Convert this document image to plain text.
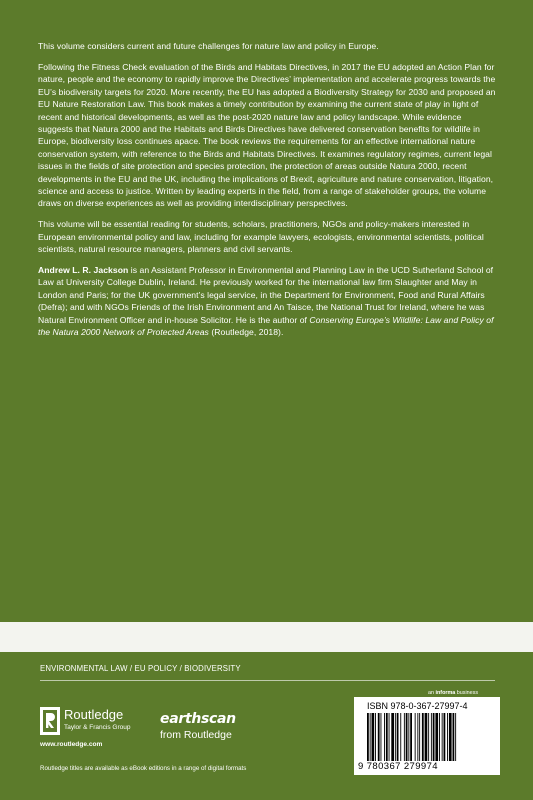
This volume considers current and future challenges for nature law and policy in Europe.

Following the Fitness Check evaluation of the Birds and Habitats Directives, in 2017 the EU adopted an Action Plan for nature, people and the economy to rapidly improve the Directives’ implementation and accelerate progress towards the EU’s biodiversity targets for 2020. More recently, the EU has adopted a Biodiversity Strategy for 2030 and proposed an EU Nature Restoration Law. This book makes a timely contribution by examining the current state of play in light of recent and historical developments, as well as the post-2020 nature law and policy landscape. While evidence suggests that Natura 2000 and the Habitats and Birds Directives have delivered conservation benefits for wildlife in Europe, biodiversity loss continues apace. The book reviews the requirements for an effective international nature conservation system, with reference to the Birds and Habitats Directives. It examines regulatory regimes, current legal issues in the fields of site protection and species protection, the protection of areas outside Natura 2000, recent developments in the EU and the UK, including the implications of Brexit, agriculture and nature conservation, litigation, science and access to justice. Written by leading experts in the field, from a range of stakeholder groups, the volume draws on diverse experiences as well as providing interdisciplinary perspectives.

This volume will be essential reading for students, scholars, practitioners, NGOs and policy-makers interested in European environmental policy and law, including for example lawyers, ecologists, environmental scientists, political scientists, natural resource managers, planners and civil servants.

Andrew L. R. Jackson is an Assistant Professor in Environmental and Planning Law in the UCD Sutherland School of Law at University College Dublin, Ireland. He previously worked for the international law firm Slaughter and May in London and Paris; for the UK government’s legal service, in the Department for Environment, Food and Rural Affairs (Defra); and with NGOs Friends of the Irish Environment and An Taisce, the National Trust for Ireland, where he was Natural Environment Officer and in-house Solicitor. He is the author of Conserving Europe’s Wildlife: Law and Policy of the Natura 2000 Network of Protected Areas (Routledge, 2018).

ENVIRONMENTAL LAW / EU POLICY / BIODIVERSITY
Routledge
Taylor & Francis Group
www.routledge.com
earthscan
from Routledge
Routledge titles are available as eBook editions in a range of digital formats
an informa business
ISBN 978-0-367-27997-4
9 780367 279974
